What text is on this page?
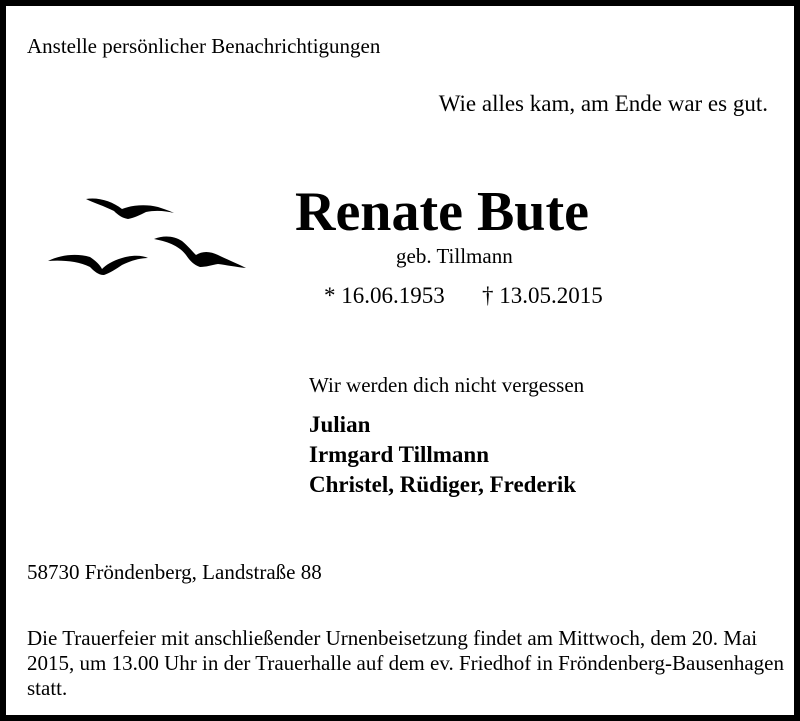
Anstelle persönlicher Benachrichtigungen
Wie alles kam, am Ende war es gut.
Renate Bute
geb. Tillmann
* 16.06.1953 † 13.05.2015
Wir werden dich nicht vergessen
Julian
Irmgard Tillmann
Christel, Rüdiger, Frederik
58730 Fröndenberg, Landstraße 88

Die Trauerfeier mit anschließender Urnenbeisetzung findet am Mittwoch, dem 20. Mai 2015, um 13.00 Uhr in der Trauerhalle auf dem ev. Friedhof in Fröndenberg-Bausenhagen statt.
